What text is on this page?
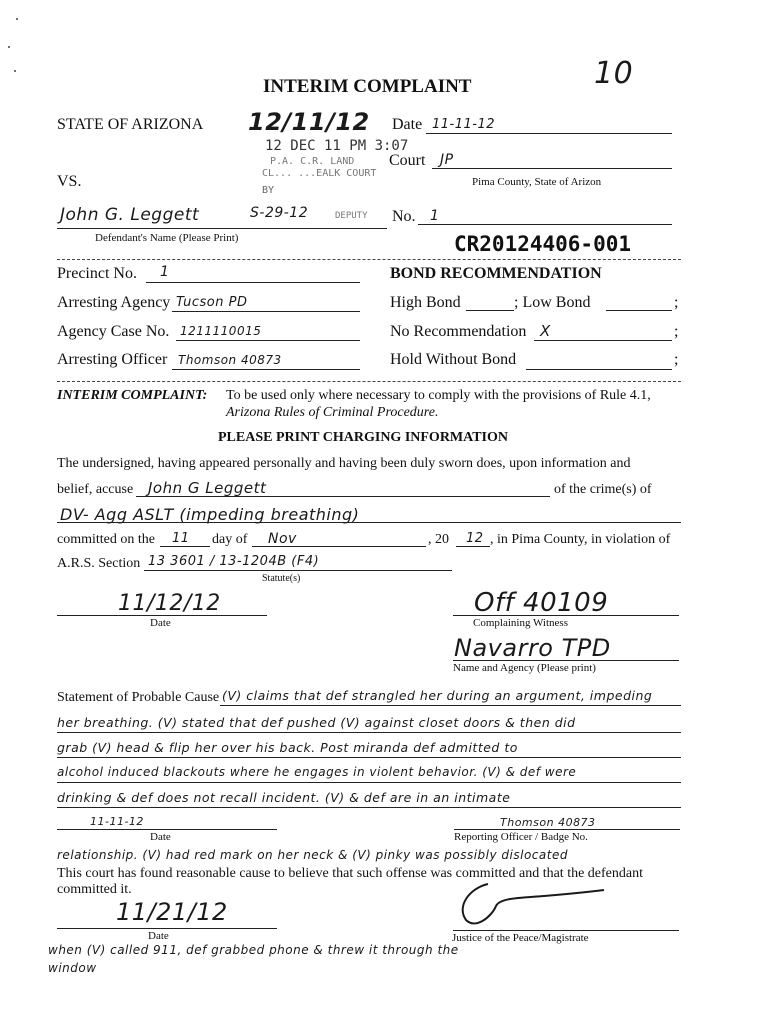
INTERIM COMPLAINT	10
STATE OF ARIZONA
VS.
John G. Leggett
Defendant's Name (Please Print)
12/11/12
12 DEC 11 PM 3:07
P.A. C.R. LAND
CL... ...EALK COURT
BY
DEPUTY
S-29-12
Date 11-11-12
Court JP
Pima County, State of Arizon
No. 1
CR20124406-001
Precinct No. 1
Arresting Agency Tucson PD
Agency Case No. 1211110015
Arresting Officer Thomson 40873
BOND RECOMMENDATION
High Bond	; Low Bond	;
No Recommendation X	;
Hold Without Bond	;
INTERIM COMPLAINT: To be used only where necessary to comply with the provisions of Rule 4.1,
Arizona Rules of Criminal Procedure.
PLEASE PRINT CHARGING INFORMATION
The undersigned, having appeared personally and having been duly sworn does, upon information and
belief, accuse John G Leggett	of the crime(s) of
DV- Agg ASLT (impeding breathing)
committed on the 11 day of Nov	, 20 12 , in Pima County, in violation of
A.R.S. Section 13 3601 / 13-1204B (F4)
Statute(s)
11/12/12
Date
Off 40109
Complaining Witness
Navarro TPD
Name and Agency (Please print)
Statement of Probable Cause (V) claims that def strangled her during an argument, impeding
her breathing. (V) stated that def pushed (V) against closet doors & then did
grab (V) head & flip her over his back. Post miranda def admitted to
alcohol induced blackouts where he engages in violent behavior. (V) & def were
drinking & def does not recall incident. (V) & def are in an intimate
11-11-12
Date
Thomson 40873
Reporting Officer / Badge No.
relationship. (V) had red mark on her neck & (V) pinky was possibly dislocated
This court has found reasonable cause to believe that such offense was committed and that the defendant
committed it.
11/21/12
Date	Justice of the Peace/Magistrate
when (V) called 911, def grabbed phone & threw it through the
window
